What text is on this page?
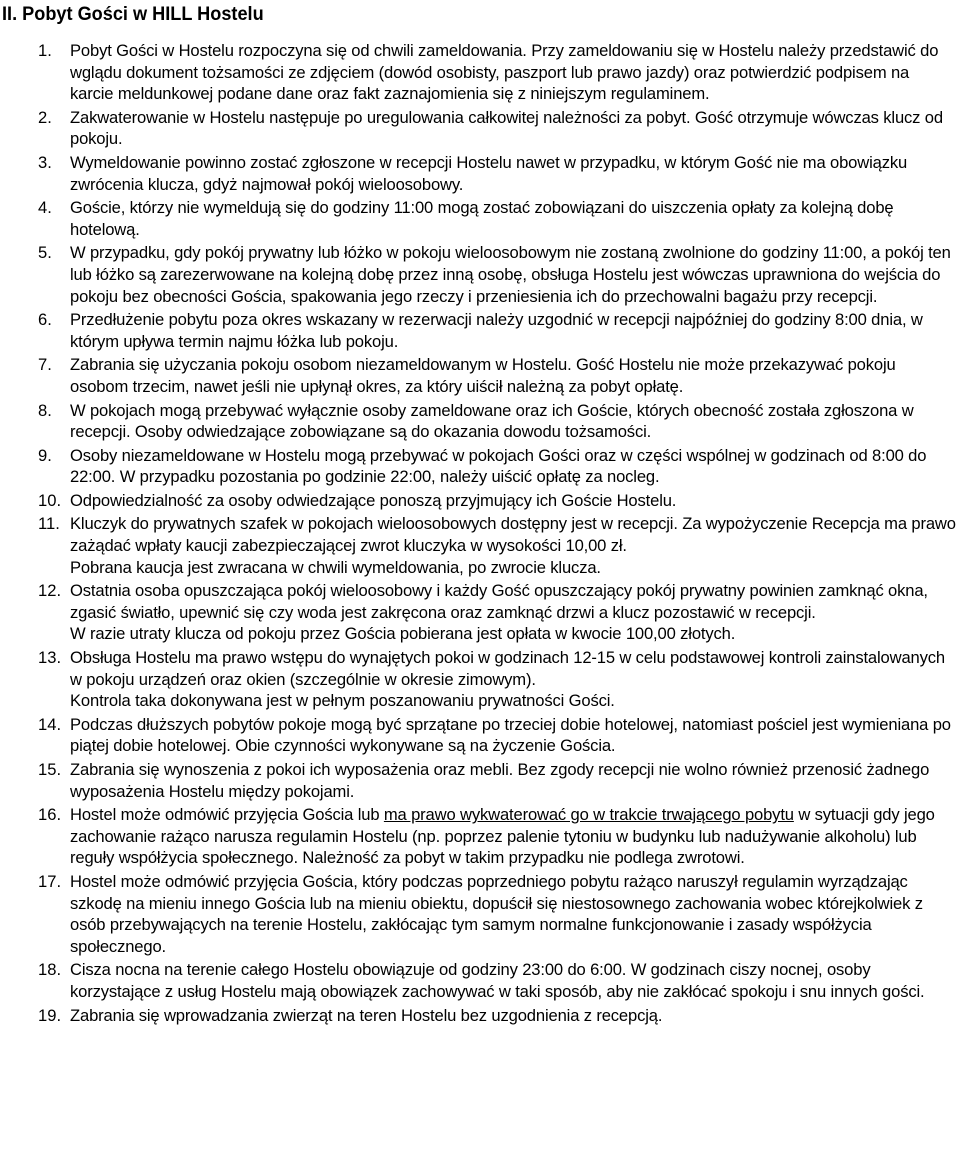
II. Pobyt Gości w HILL Hostelu
1. Pobyt Gości w Hostelu rozpoczyna się od chwili zameldowania. Przy zameldowaniu się w Hostelu należy przedstawić do wglądu dokument tożsamości ze zdjęciem (dowód osobisty, paszport lub prawo jazdy) oraz potwierdzić podpisem na karcie meldunkowej podane dane oraz fakt zaznajomienia się z niniejszym regulaminem.
2. Zakwaterowanie w Hostelu następuje po uregulowania całkowitej należności za pobyt. Gość otrzymuje wówczas klucz od pokoju.
3. Wymeldowanie powinno zostać zgłoszone w recepcji Hostelu nawet w przypadku, w którym Gość nie ma obowiązku zwrócenia klucza, gdyż najmował pokój wieloosobowy.
4. Goście, którzy nie wymeldują się do godziny 11:00 mogą zostać zobowiązani do uiszczenia opłaty za kolejną dobę hotelową.
5. W przypadku, gdy pokój prywatny lub łóżko w pokoju wieloosobowym nie zostaną zwolnione do godziny 11:00, a pokój ten lub łóżko są zarezerwowane na kolejną dobę przez inną osobę, obsługa Hostelu jest wówczas uprawniona do wejścia do pokoju bez obecności Gościa, spakowania jego rzeczy i przeniesienia ich do przechowalni bagażu przy recepcji.
6. Przedłużenie pobytu poza okres wskazany w rezerwacji należy uzgodnić w recepcji najpóźniej do godziny 8:00 dnia, w którym upływa termin najmu łóżka lub pokoju.
7. Zabrania się użyczania pokoju osobom niezameldowanym w Hostelu. Gość Hostelu nie może przekazywać pokoju osobom trzecim, nawet jeśli nie upłynął okres, za który uiścił należną za pobyt opłatę.
8. W pokojach mogą przebywać wyłącznie osoby zameldowane oraz ich Goście, których obecność została zgłoszona w recepcji. Osoby odwiedzające zobowiązane są do okazania dowodu tożsamości.
9. Osoby niezameldowane w Hostelu mogą przebywać w pokojach Gości oraz w części wspólnej w godzinach od 8:00 do 22:00. W przypadku pozostania po godzinie 22:00, należy uiścić opłatę za nocleg.
10. Odpowiedzialność za osoby odwiedzające ponoszą przyjmujący ich Goście Hostelu.
11. Kluczyk do prywatnych szafek w pokojach wieloosobowych dostępny jest w recepcji. Za wypożyczenie Recepcja ma prawo zażądać wpłaty kaucji zabezpieczającej zwrot kluczyka w wysokości 10,00 zł.
Pobrana kaucja jest zwracana w chwili wymeldowania, po zwrocie klucza.
12. Ostatnia osoba opuszczająca pokój wieloosobowy i każdy Gość opuszczający pokój prywatny powinien zamknąć okna, zgasić światło, upewnić się czy woda jest zakręcona oraz zamknąć drzwi a klucz pozostawić w recepcji.
W razie utraty klucza od pokoju przez Gościa pobierana jest opłata w kwocie 100,00 złotych.
13. Obsługa Hostelu ma prawo wstępu do wynajętych pokoi w godzinach 12-15 w celu podstawowej kontroli zainstalowanych w pokoju urządzeń oraz okien (szczególnie w okresie zimowym).
Kontrola taka dokonywana jest w pełnym poszanowaniu prywatności Gości.
14. Podczas dłuższych pobytów pokoje mogą być sprzątane po trzeciej dobie hotelowej, natomiast pościel jest wymieniana po piątej dobie hotelowej. Obie czynności wykonywane są na życzenie Gościa.
15. Zabrania się wynoszenia z pokoi ich wyposażenia oraz mebli. Bez zgody recepcji nie wolno również przenosić żadnego wyposażenia Hostelu między pokojami.
16. Hostel może odmówić przyjęcia Gościa lub ma prawo wykwaterować go w trakcie trwającego pobytu w sytuacji gdy jego zachowanie rażąco narusza regulamin Hostelu (np. poprzez palenie tytoniu w budynku lub nadużywanie alkoholu) lub reguły współżycia społecznego. Należność za pobyt w takim przypadku nie podlega zwrotowi.
17. Hostel może odmówić przyjęcia Gościa, który podczas poprzedniego pobytu rażąco naruszył regulamin wyrządzając szkodę na mieniu innego Gościa lub na mieniu obiektu, dopuścił się niestosownego zachowania wobec którejkolwiek z osób przebywających na terenie Hostelu, zakłócając tym samym normalne funkcjonowanie i zasady współżycia społecznego.
18. Cisza nocna na terenie całego Hostelu obowiązuje od godziny 23:00 do 6:00. W godzinach ciszy nocnej, osoby korzystające z usług Hostelu mają obowiązek zachowywać w taki sposób, aby nie zakłócać spokoju i snu innych gości.
19. Zabrania się wprowadzania zwierząt na teren Hostelu bez uzgodnienia z recepcją.
